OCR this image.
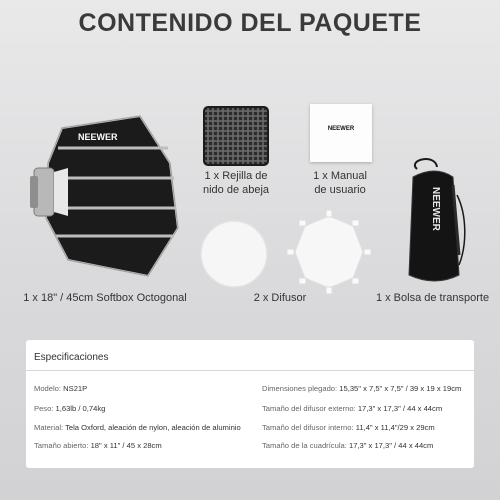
CONTENIDO DEL PAQUETE
NEEWER
1 x Rejilla de
nido de abeja
NEEWER
1 x Manual
de usuario	NEEWER
1 x 18" / 45cm Softbox Octogonal	2 x Difusor	1 x Bolsa de transporte
Especificaciones
Modelo: NS21P
Peso: 1,63lb / 0,74kg
Material: Tela Oxford, aleación de nylon, aleación de aluminio
Tamaño abierto: 18" x 11" / 45 x 28cm
Dimensiones plegado: 15,35" x 7,5" x 7,5" / 39 x 19 x 19cm
Tamaño del difusor externo: 17,3" x 17,3" / 44 x 44cm
Tamaño del difusor interno: 11,4" x 11,4"/29 x 29cm
Tamaño de la cuadrícula: 17,3" x 17,3" / 44 x 44cm
